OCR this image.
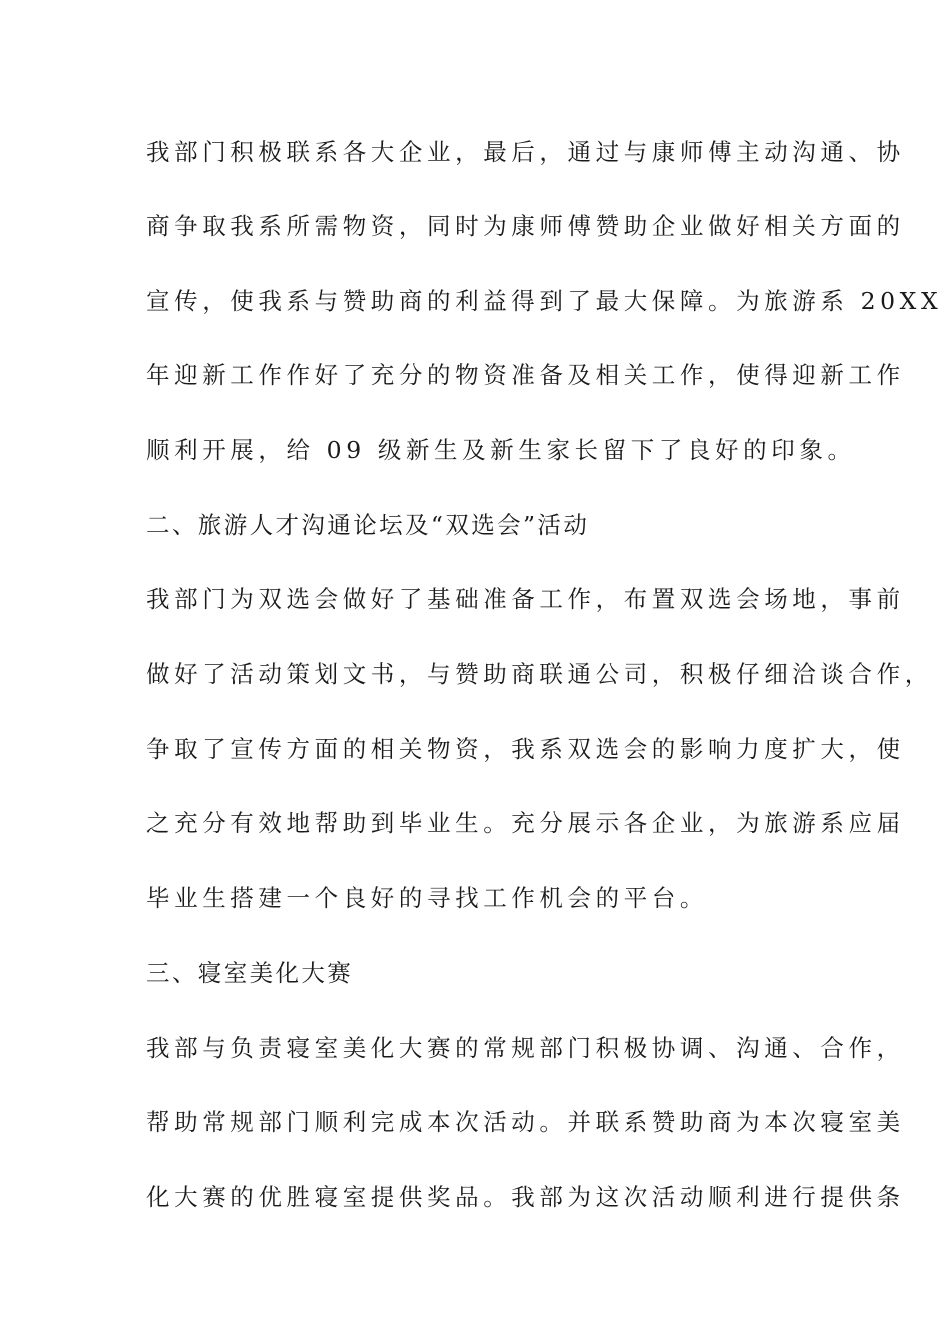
我部门积极联系各大企业，最后，通过与康师傅主动沟通、协

商争取我系所需物资，同时为康师傅赞助企业做好相关方面的

宣传，使我系与赞助商的利益得到了最大保障。为旅游系 20XX

年迎新工作作好了充分的物资准备及相关工作，使得迎新工作

顺利开展，给 09 级新生及新生家长留下了良好的印象。

二、旅游人才沟通论坛及“双选会”活动

我部门为双选会做好了基础准备工作，布置双选会场地，事前

做好了活动策划文书，与赞助商联通公司，积极仔细洽谈合作，

争取了宣传方面的相关物资，我系双选会的影响力度扩大，使

之充分有效地帮助到毕业生。充分展示各企业，为旅游系应届

毕业生搭建一个良好的寻找工作机会的平台。

三、寝室美化大赛

我部与负责寝室美化大赛的常规部门积极协调、沟通、合作，

帮助常规部门顺利完成本次活动。并联系赞助商为本次寝室美

化大赛的优胜寝室提供奖品。我部为这次活动顺利进行提供条
